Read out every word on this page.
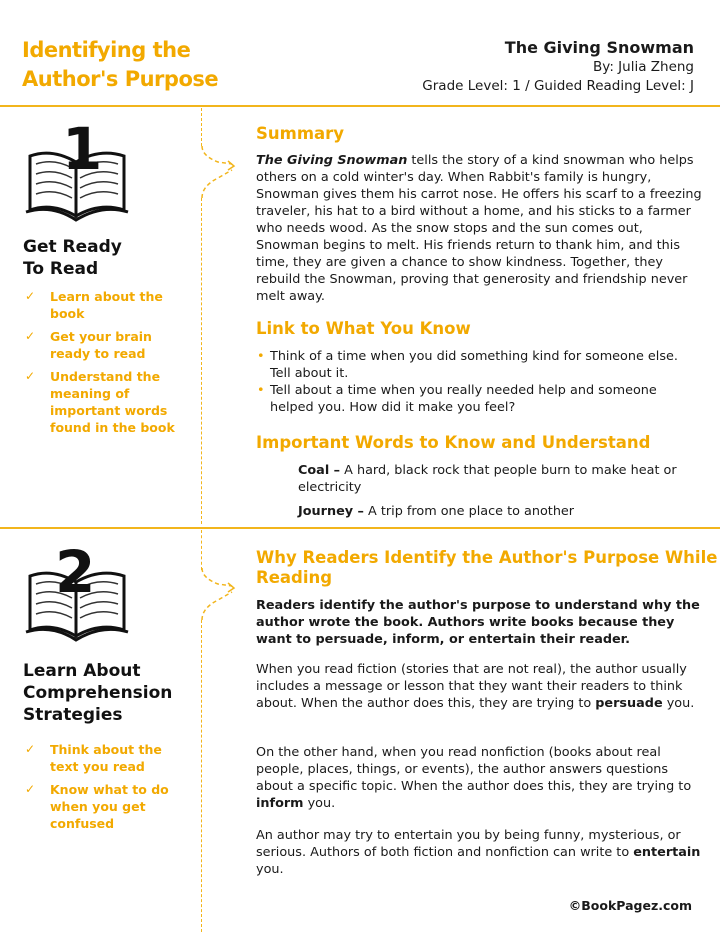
Identifying the
Author's Purpose
The Giving Snowman
By: Julia Zheng
Grade Level: 1 / Guided Reading Level: J
1
Get Ready
To Read
✓ Learn about the book
✓ Get your brain ready to read
✓ Understand the meaning of important words found in the book
2
Learn About
Comprehension
Strategies
✓ Think about the text you read
✓ Know what to do when you get confused
Summary

The Giving Snowman tells the story of a kind snowman who helps others on a cold winter's day. When Rabbit's family is hungry, Snowman gives them his carrot nose. He offers his scarf to a freezing traveler, his hat to a bird without a home, and his sticks to a farmer who needs wood. As the snow stops and the sun comes out, Snowman begins to melt. His friends return to thank him, and this time, they are given a chance to show kindness. Together, they rebuild the Snowman, proving that generosity and friendship never melt away.

Link to What You Know
• Think of a time when you did something kind for someone else. Tell about it.
• Tell about a time when you really needed help and someone helped you. How did it make you feel?
Important Words to Know and Understand

Coal – A hard, black rock that people burn to make heat or electricity

Journey – A trip from one place to another

Why Readers Identify the Author's Purpose While
Reading

Readers identify the author's purpose to understand why the author wrote the book. Authors write books because they want to persuade, inform, or entertain their reader.

When you read fiction (stories that are not real), the author usually includes a message or lesson that they want their readers to think about. When the author does this, they are trying to persuade you.

On the other hand, when you read nonfiction (books about real people, places, things, or events), the author answers questions about a specific topic. When the author does this, they are trying to inform you.

An author may try to entertain you by being funny, mysterious, or serious. Authors of both fiction and nonfiction can write to entertain you.

©BookPagez.com
